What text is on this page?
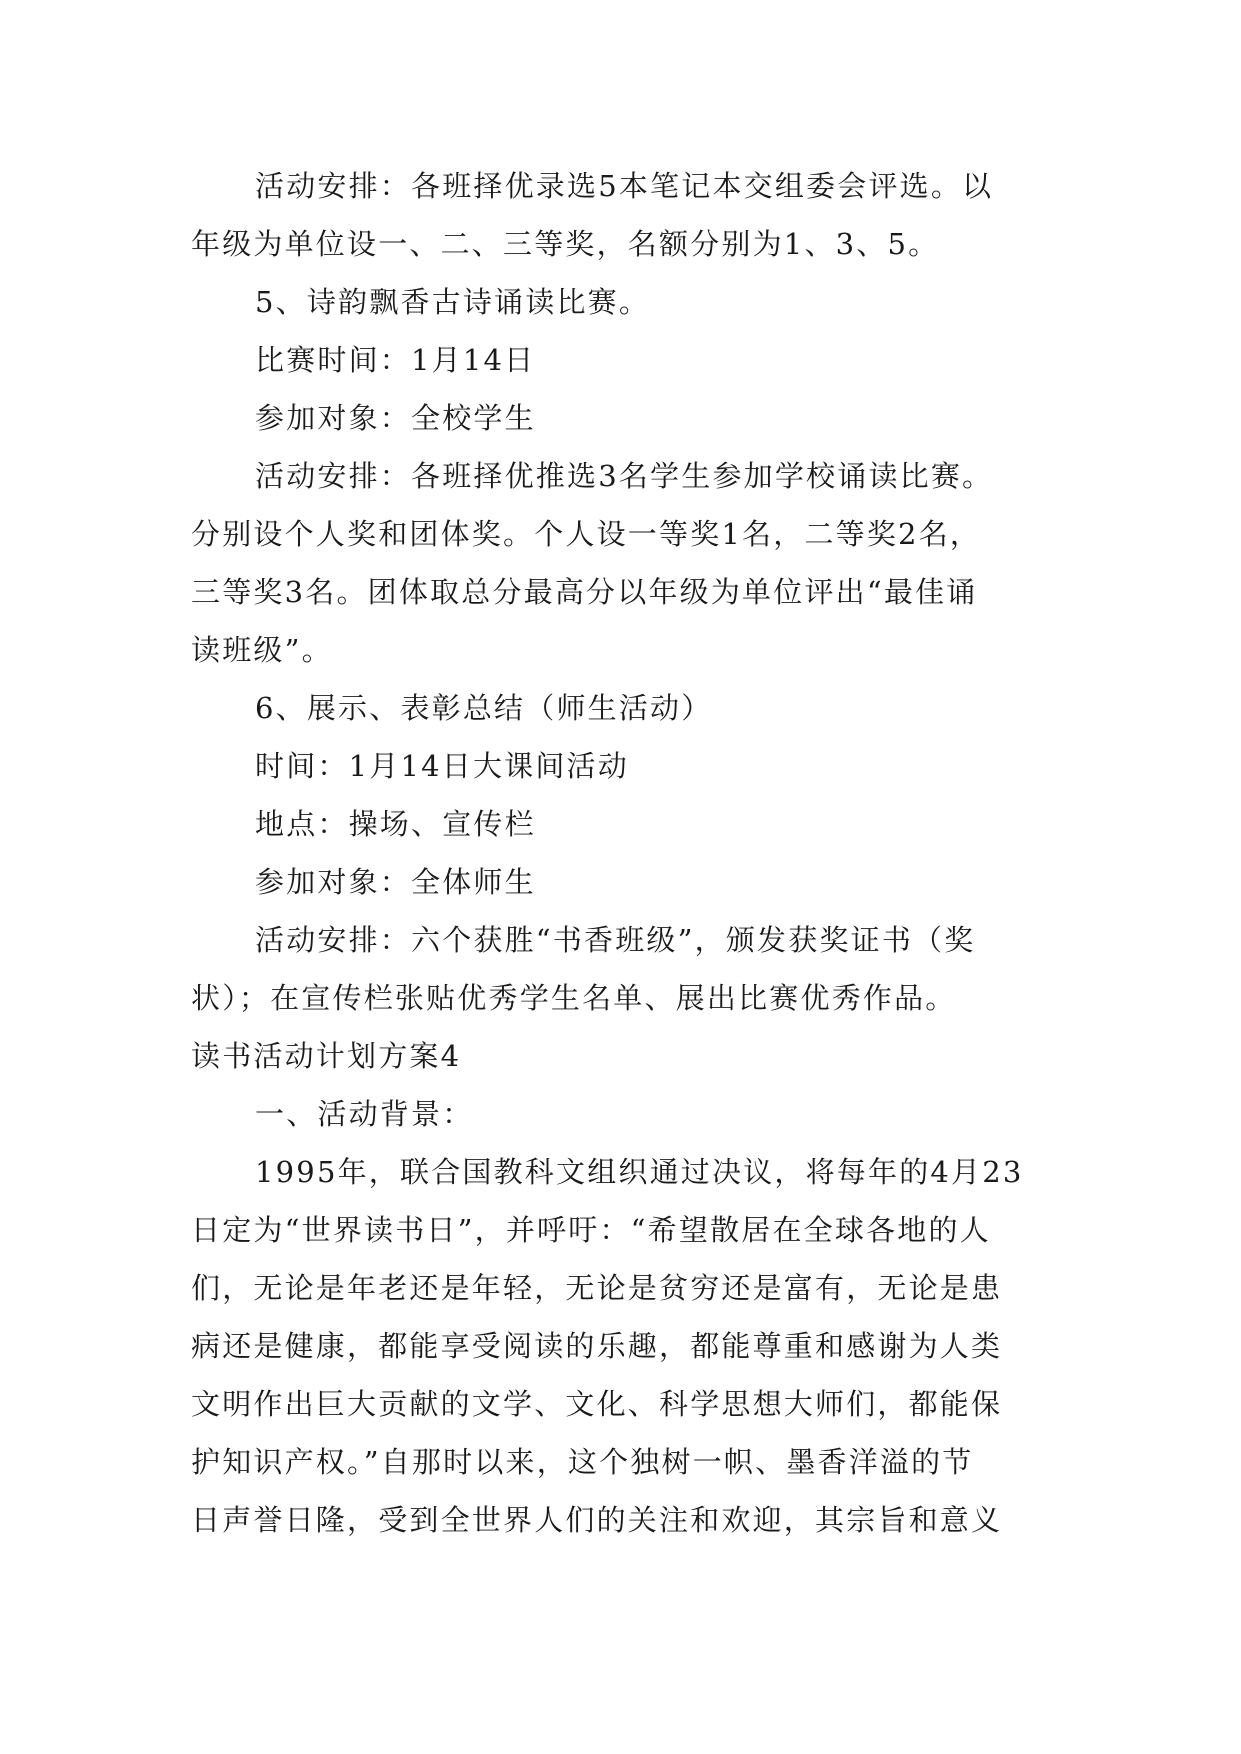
活动安排：各班择优录选5本笔记本交组委会评选。以
年级为单位设一、二、三等奖，名额分别为1、3、5。
5、诗韵飘香古诗诵读比赛。
比赛时间：1月14日
参加对象：全校学生
活动安排：各班择优推选3名学生参加学校诵读比赛。
分别设个人奖和团体奖。个人设一等奖1名，二等奖2名，
三等奖3名。团体取总分最高分以年级为单位评出“最佳诵
读班级”。
6、展示、表彰总结（师生活动）
时间：1月14日大课间活动
地点：操场、宣传栏
参加对象：全体师生
活动安排：六个获胜“书香班级”，颁发获奖证书（奖
状）；在宣传栏张贴优秀学生名单、展出比赛优秀作品。
读书活动计划方案4
一、活动背景：
1995年，联合国教科文组织通过决议，将每年的4月23
日定为“世界读书日”，并呼吁：“希望散居在全球各地的人
们，无论是年老还是年轻，无论是贫穷还是富有，无论是患
病还是健康，都能享受阅读的乐趣，都能尊重和感谢为人类
文明作出巨大贡献的文学、文化、科学思想大师们，都能保
护知识产权。”自那时以来，这个独树一帜、墨香洋溢的节
日声誉日隆，受到全世界人们的关注和欢迎，其宗旨和意义
